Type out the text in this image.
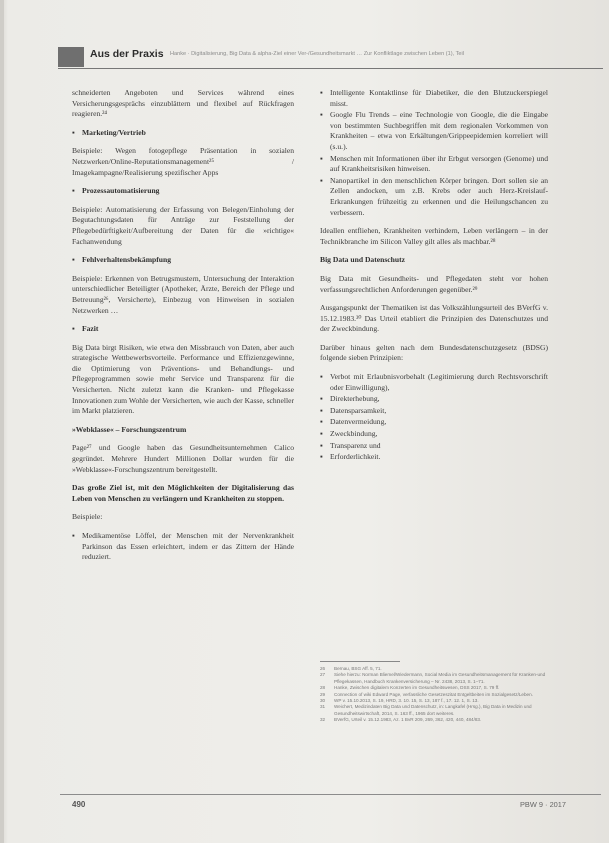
Aus der Praxis Hanke · Digitalisierung, Big Data & alpha-Ziel einer Ver-/Gesundheitsmarkt … Zur Konfliktlage zwischen Leben (1), Teil

schneiderten Angeboten und Services während eines Versicherungsgesprächs einzublättern und flexibel auf Rückfragen reagieren.²⁴

▪ Marketing/Vertrieb

Beispiele: Wegen fotogepflege Präsentation in sozialen Netzwerken/Online-Reputationsmanagement²⁵ / Imagekampagne/Realisierung spezifischer Apps

▪ Prozessautomatisierung

Beispiele: Automatisierung der Erfassung von Belegen/Einholung der Begutachtungsdaten für Anträge zur Feststellung der Pflegebedürftigkeit/Aufbereitung der Daten für die »richtige« Fachanwendung

▪ Fehlverhaltensbekämpfung

Beispiele: Erkennen von Betrugsmustern, Untersuchung der Interaktion unterschiedlicher Beteiligter (Apotheker, Ärzte, Bereich der Pflege und Betreuung²⁶, Versicherte), Einbezug von Hinweisen in sozialen Netzwerken …

▪ Fazit

Big Data birgt Risiken, wie etwa den Missbrauch von Daten, aber auch strategische Wettbewerbsvorteile. Performance und Effizienzgewinne, die Optimierung von Präventions- und Behandlungs- und Pflegeprogrammen sowie mehr Service und Transparenz für die Versicherten. Nicht zuletzt kann die Kranken- und Pflegekasse Innovationen zum Wohle der Versicherten, wie auch der Kasse, schneller im Markt platzieren.

»Webklasse« – Forschungszentrum

Page²⁷ und Google haben das Gesundheitsunternehmen Calico gegründet. Mehrere Hundert Millionen Dollar wurden für die »Webklasse«-Forschungszentrum bereitgestellt.

Das große Ziel ist, mit den Möglichkeiten der Digitalisierung das Leben von Menschen zu verlängern und Krankheiten zu stoppen.

Beispiele:

▪ Medikamentöse Löffel, der Menschen mit der Nervenkrankheit Parkinson das Essen erleichtert, indem er das Zittern der Hände reduziert.
▪ Intelligente Kontaktlinse für Diabetiker, die den Blutzuckerspiegel misst.
▪ Google Flu Trends – eine Technologie von Google, die die Eingabe von bestimmten Suchbegriffen mit dem regionalen Vorkommen von Krankheiten – etwa von Erkältungen/Grippeepidemien korreliert will (s.u.).
▪ Menschen mit Informationen über ihr Erbgut versorgen (Genome) und auf Krankheitsrisiken hinweisen.
▪ Nanopartikel in den menschlichen Körper bringen. Dort sollen sie an Zellen andocken, um z.B. Krebs oder auch Herz-Kreislauf-Erkrankungen frühzeitig zu erkennen und die Heilungschancen zu verbessern.

Ideallen entfliehen, Krankheiten verhindern, Leben verlängern – in der Technikbranche im Silicon Valley gilt alles als machbar.²⁸

Big Data und Datenschutz

Big Data mit Gesundheits- und Pflegedaten steht vor hohen verfassungsrechtlichen Anforderungen gegenüber.²⁹

Ausgangspunkt der Thematiken ist das Volkszählungsurteil des BVerfG v. 15.12.1983.³⁰ Das Urteil etabliert die Prinzipien des Datenschutzes und der Zweckbindung.

Darüber hinaus gelten nach dem Bundesdatenschutzgesetz (BDSG) folgende sieben Prinzipien:

▪ Verbot mit Erlaubnisvorbehalt (Legitimierung durch Rechtsvorschrift oder Einwilligung),
▪ Direkterhebung,
▪ Datensparsamkeit,
▪ Datenvermeidung,
▪ Zweckbindung,
▪ Transparenz und
▪ Erforderlichkeit.
26	Bernau, BSG Aff. 5, 71.
27	Siehe hierzu: Norman Bliemel/Wiedermann, Social Media im Gesundheitsmanagement für Kranken-und Pflegekassen, Handbuch Krankenversicherung – Nr. 2438, 2013, S. 1–71.
28	Hanke, Zwischen digitalem Konzerten im Gesundheitswesen, DSS 2017, S. 79 ff.
29	Connection of wiki Edward Page, verfassliche Gesetzeszitat Entgeltbeiten im Sozialgesetz/Leben.
30	WP v. 15.10.2013, S. 19, HRD, 3. 10. 15, S. 13, 187 f., 17. 12. 1, S. 13.
31	Weichert, Medizindaten Big Data und Datenschutz, in: Langkafel (Hrsg.), Big Data in Medizin und Gesundheitswirtschaft, 2014, S. 163 ff., 1965 dort weiteres.
32	BVerfG, Urteil v. 15.12.1983, Az. 1 BvR 209, 269, 362, 420, 440, 484/83.
490	PBW 9 · 2017
